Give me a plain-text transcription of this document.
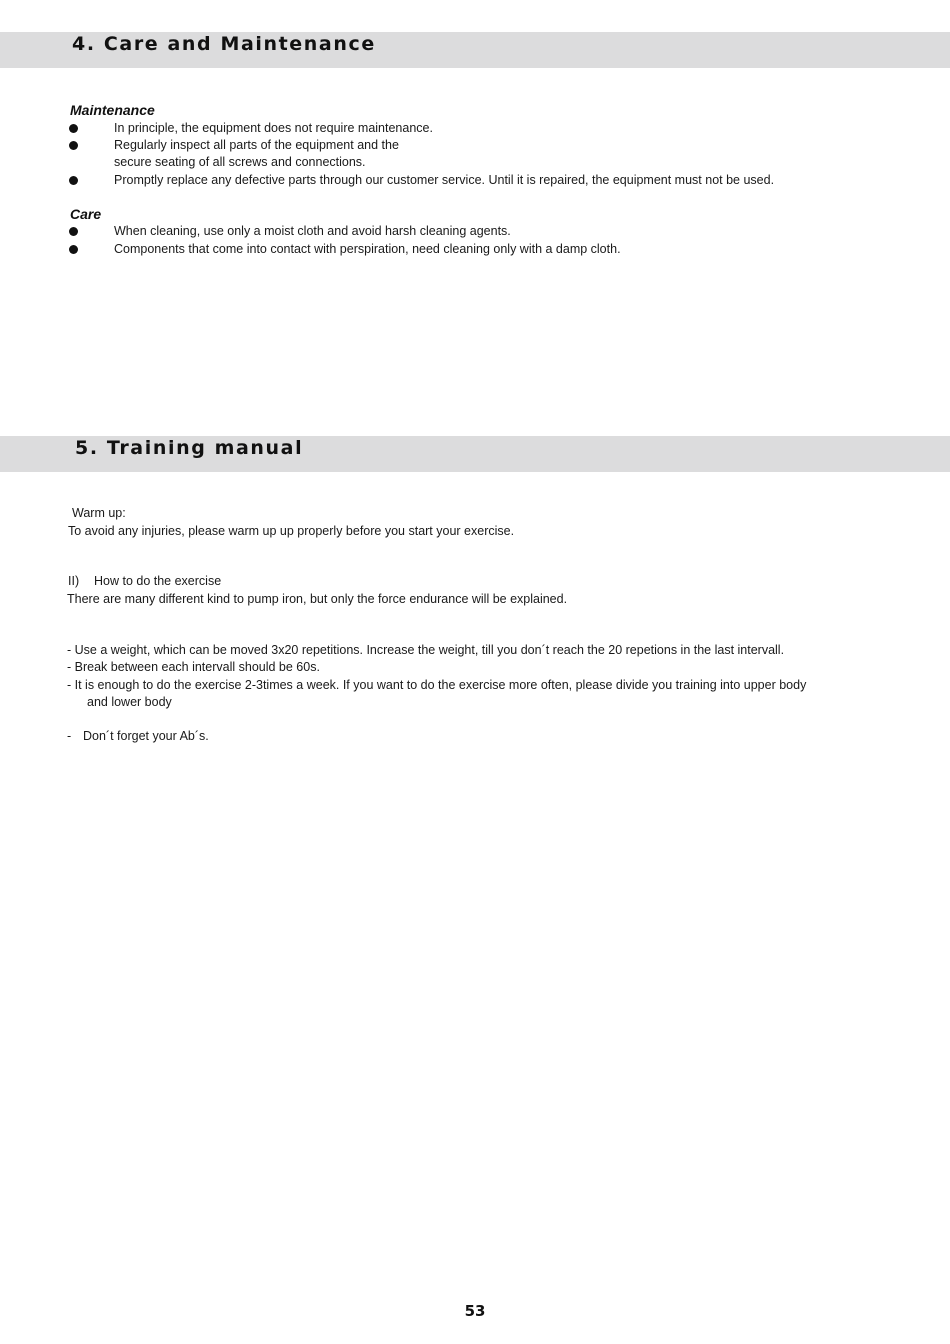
4. Care and Maintenance
Maintenance
In principle, the equipment does not require maintenance.
Regularly inspect all parts of the equipment and the
secure seating of all screws and connections.
Promptly replace any defective parts through our customer service. Until it is repaired, the equipment must not be used.
Care
When cleaning, use only a moist cloth and avoid harsh cleaning agents.
Components that come into contact with perspiration, need cleaning only with a damp cloth.
5. Training manual
Warm up:
To avoid any injuries, please warm up up properly before you start your exercise.
II) How to do the exercise
There are many different kind to pump iron, but only the force endurance will be explained.
- Use a weight, which can be moved 3x20 repetitions. Increase the weight, till you don´t reach the 20 repetions in the last intervall.
- Break between each intervall should be 60s.
- It is enough to do the exercise 2-3times a week. If you want to do the exercise more often, please divide you training into upper body
and lower body
- Don´t forget your Ab´s.
53
